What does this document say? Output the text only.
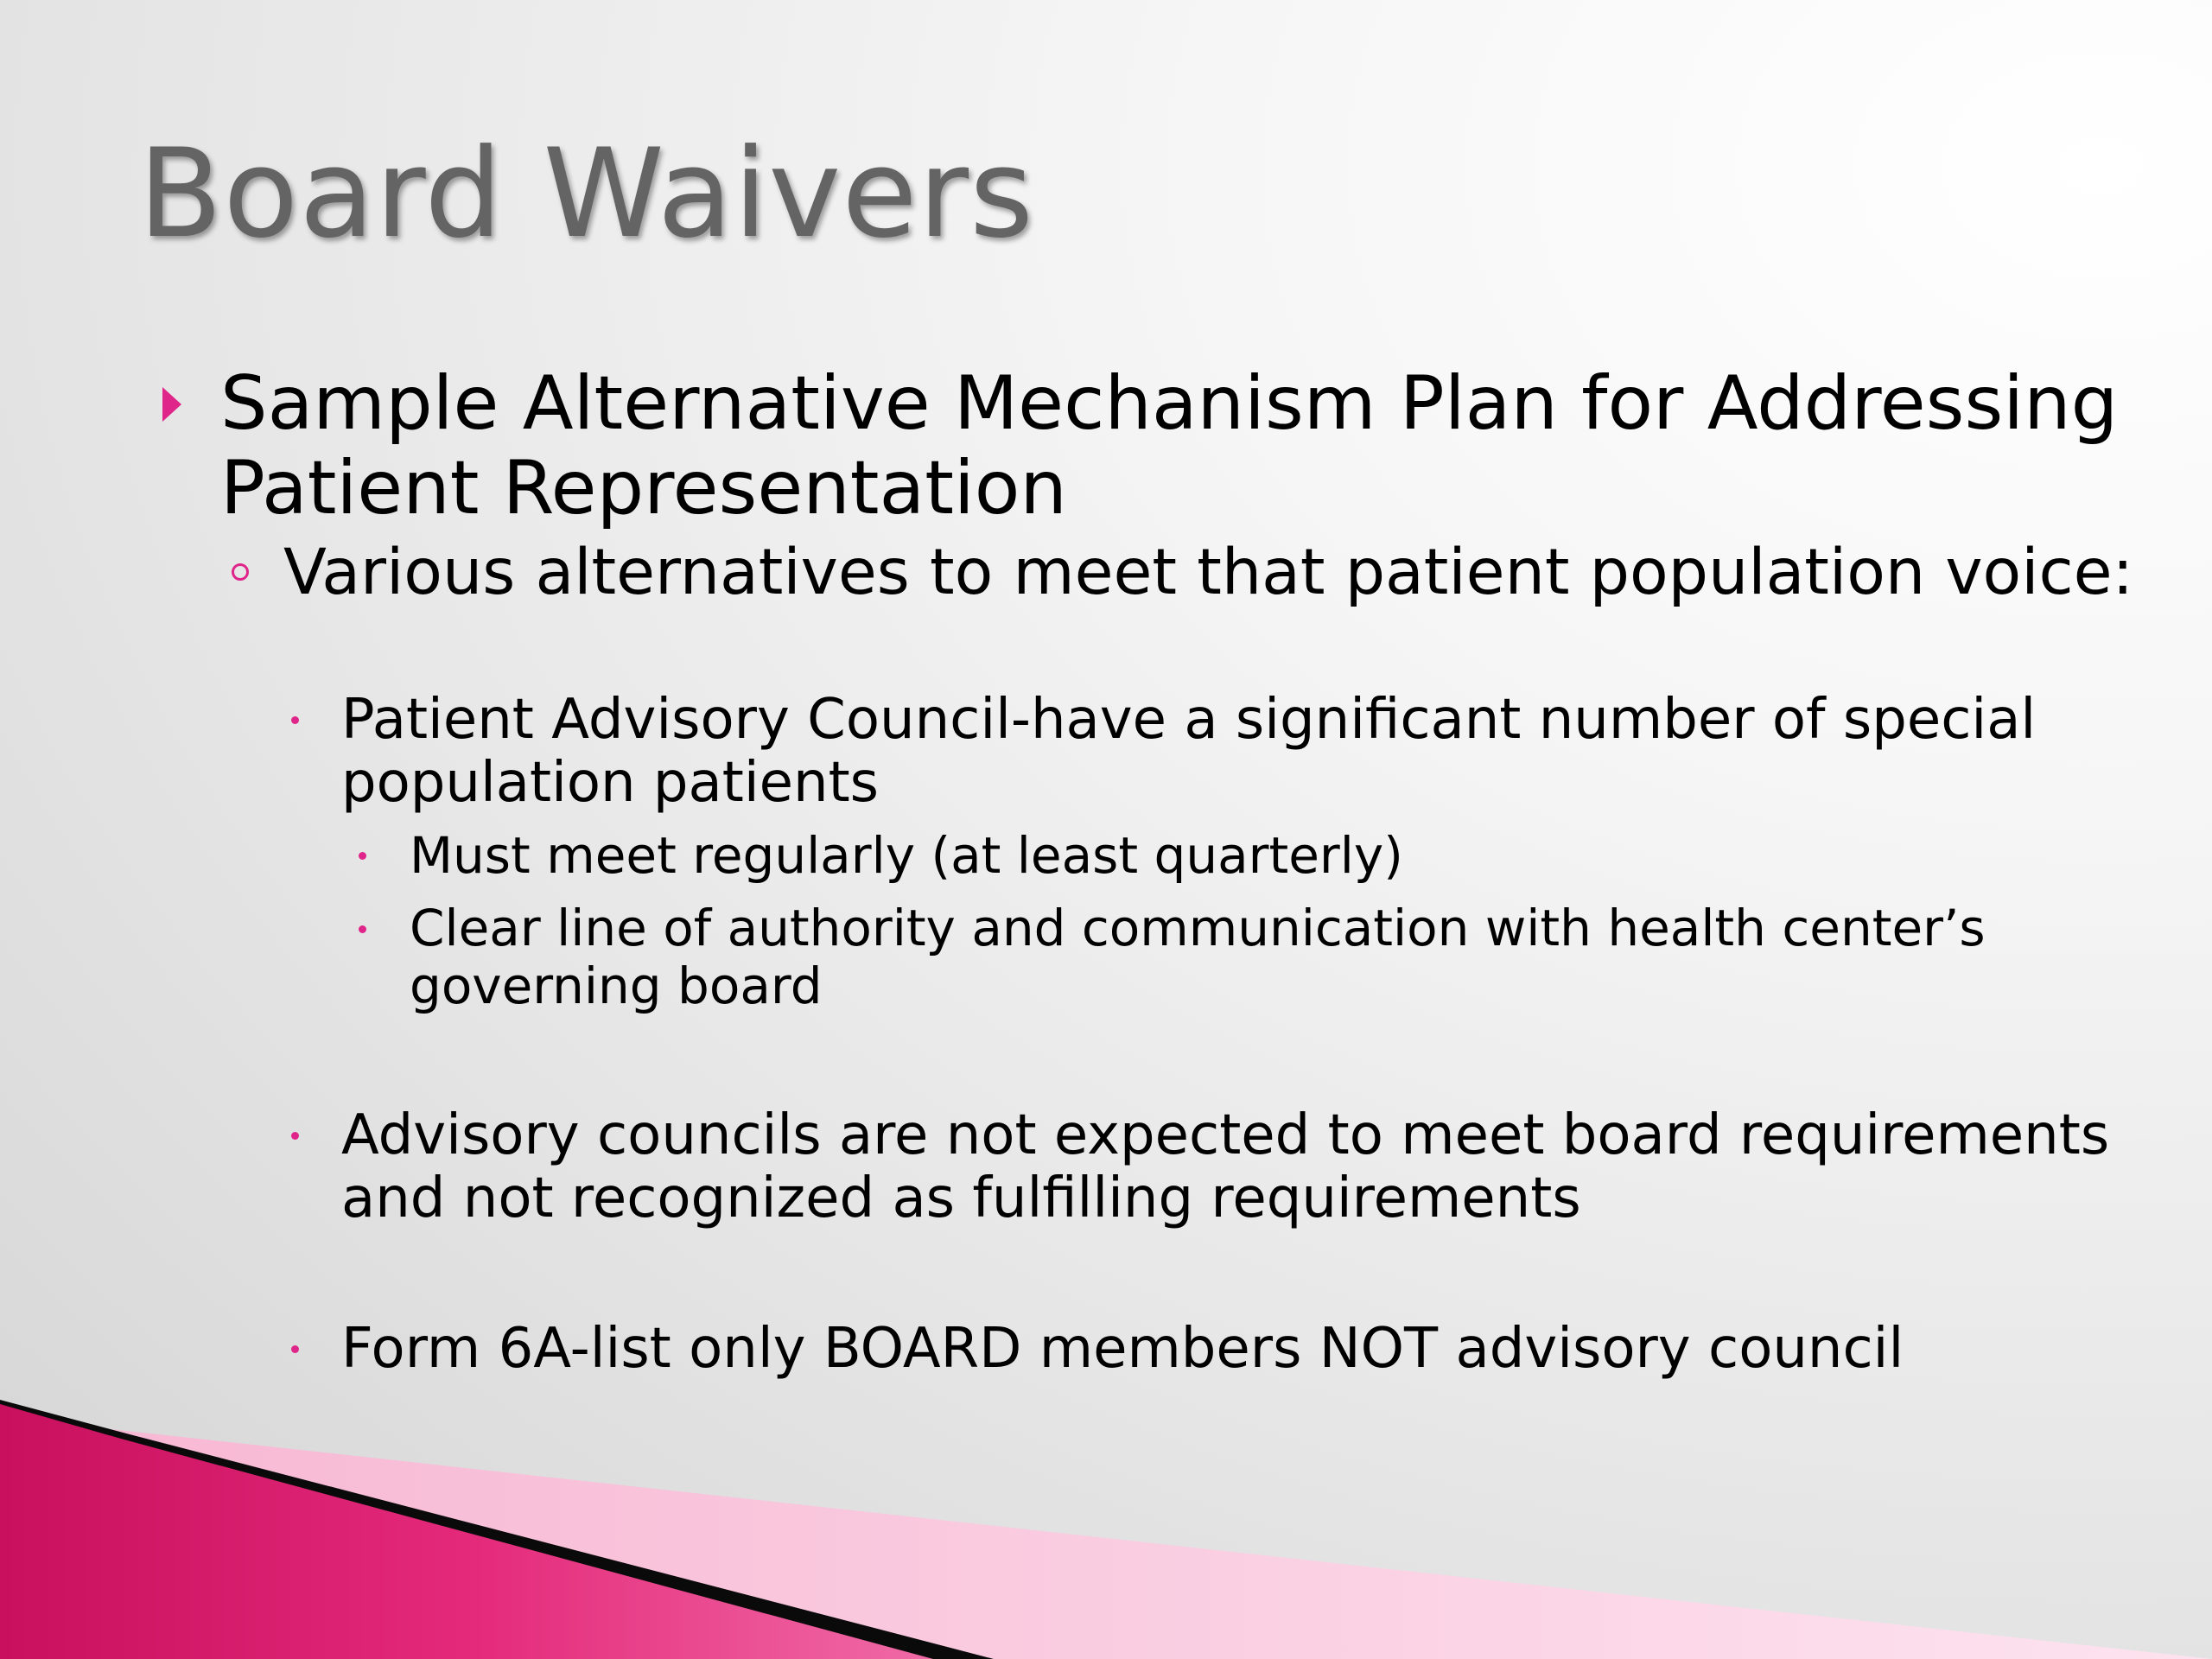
Board Waivers
Sample Alternative Mechanism Plan for Addressing Patient Representation
Various alternatives to meet that patient population voice:
Patient Advisory Council-have a significant number of special population patients
Must meet regularly (at least quarterly)
Clear line of authority and communication with health center’s governing board
Advisory councils are not expected to meet board requirements and not recognized as fulfilling requirements
Form 6A-list only BOARD members NOT advisory council
